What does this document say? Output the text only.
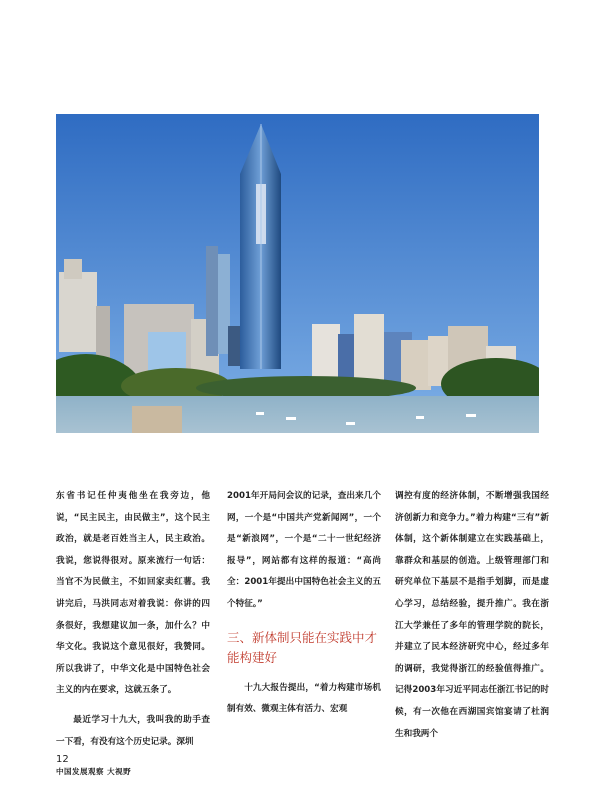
东省书记任仲夷他坐在我旁边，他说，“民主民主，由民做主”，这个民主政治，就是老百姓当主人，民主政治。我说，您说得很对。原来流行一句话：当官不为民做主，不如回家卖红薯。我讲完后，马洪同志对着我说：你讲的四条很好，我想建议加一条，加什么？中华文化。我说这个意见很好，我赞同。所以我讲了，中华文化是中国特色社会主义的内在要求，这就五条了。

最近学习十九大，我叫我的助手查一下看，有没有这个历史记录。深圳

2001年开局问会议的记录，查出来几个网，一个是“中国共产党新闻网”，一个是“新浪网”，一个是“二十一世纪经济报导”，网站都有这样的报道：“高尚全：2001年提出中国特色社会主义的五个特征。”

三、新体制只能在实践中才能构建好

十九大报告提出，“着力构建市场机制有效、微观主体有活力、宏观

调控有度的经济体制，不断增强我国经济创新力和竞争力。”着力构建“三有”新体制，这个新体制建立在实践基础上，靠群众和基层的创造。上级管理部门和研究单位下基层不是指手划脚，而是虚心学习，总结经验，提升推广。我在浙江大学兼任了多年的管理学院的院长，并建立了民本经济研究中心，经过多年的调研，我觉得浙江的经验值得推广。记得2003年习近平同志任浙江书记的时候，有一次他在西湖国宾馆宴请了杜润生和我两个

12
中国发展观察 大视野
